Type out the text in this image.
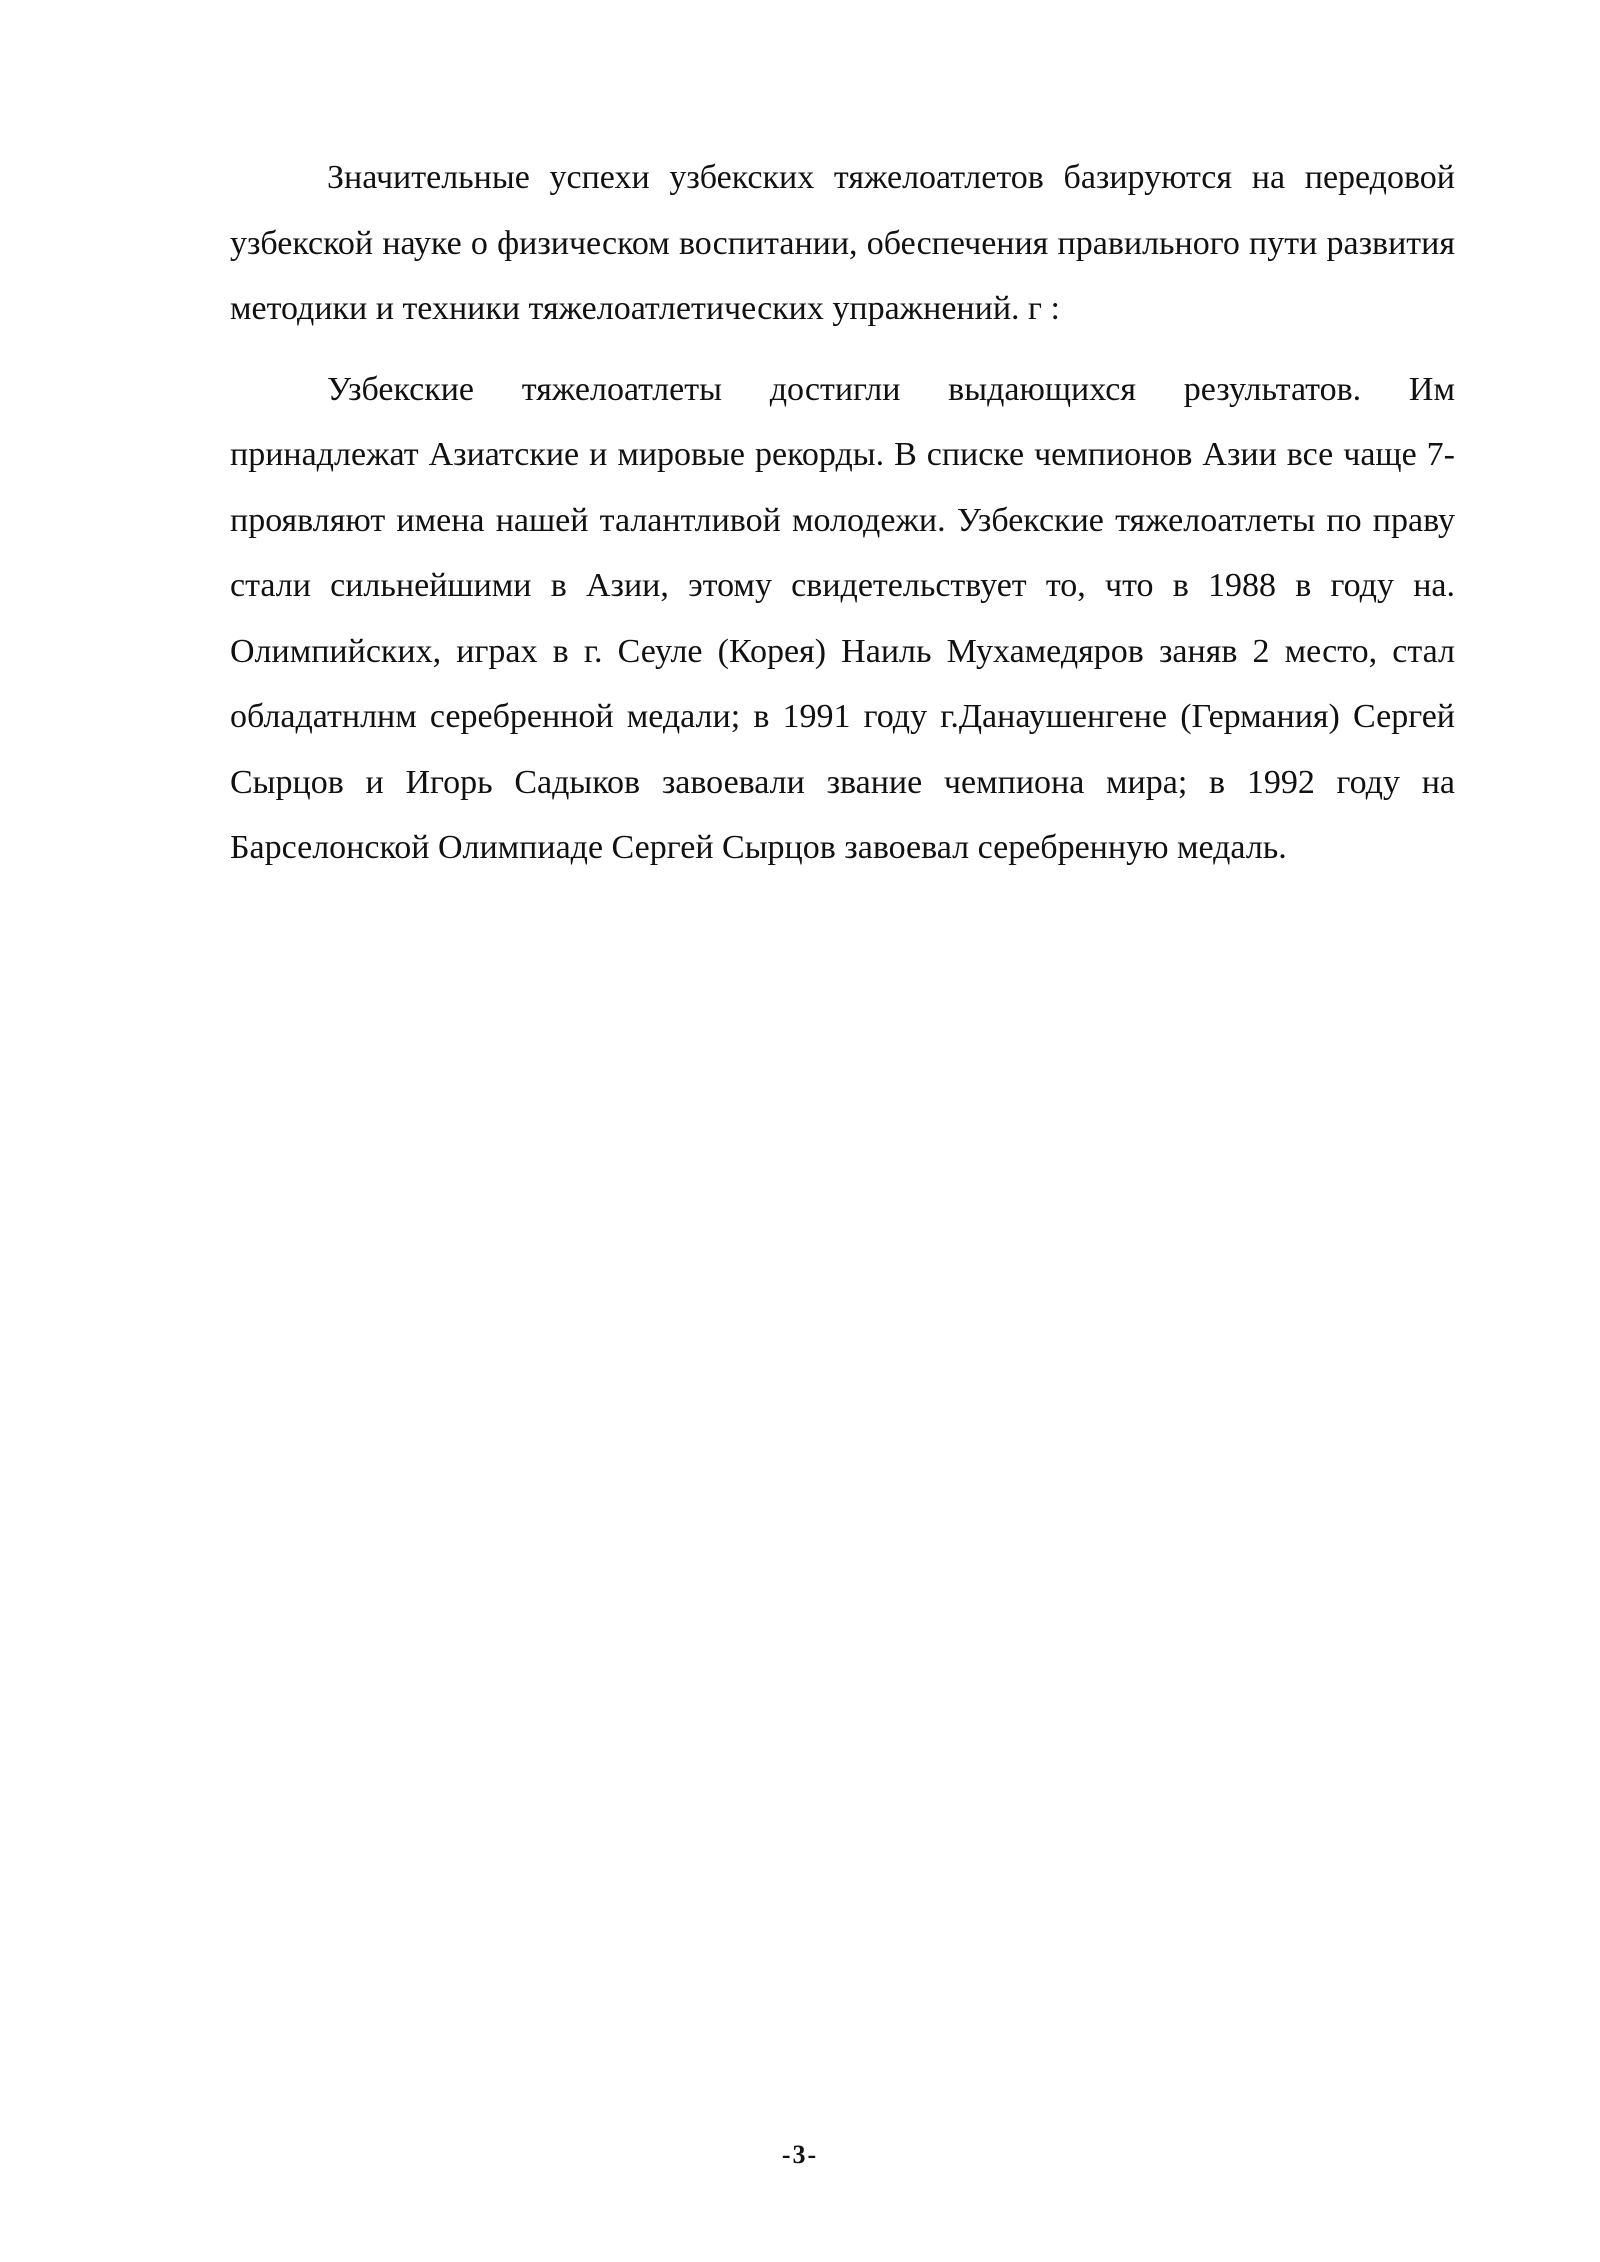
Значительные успехи узбекских тяжелоатлетов базируются на передовой узбекской науке о физическом воспитании, обеспечения правильного пути развития методики и техники тяжелоатлетических упражнений. г :

Узбекские тяжелоатлеты достигли выдающихся результатов. Им принадлежат Азиатские и мировые рекорды. В списке чемпионов Азии все чаще 7-проявляют имена нашей талантливой молодежи. Узбекские тяжелоатлеты по праву стали сильнейшими в Азии, этому свидетельствует то, что в 1988 в году на. Олимпийских, играх в г. Сеуле (Корея) Наиль Мухамедяров заняв 2 место, стал обладатнлнм серебренной медали; в 1991 году г.Данаушенгене (Германия) Сергей Сырцов и Игорь Садыков завоевали звание чемпиона мира; в 1992 году на Барселонской Олимпиаде Сергей Сырцов завоевал серебренную медаль.

-3-
